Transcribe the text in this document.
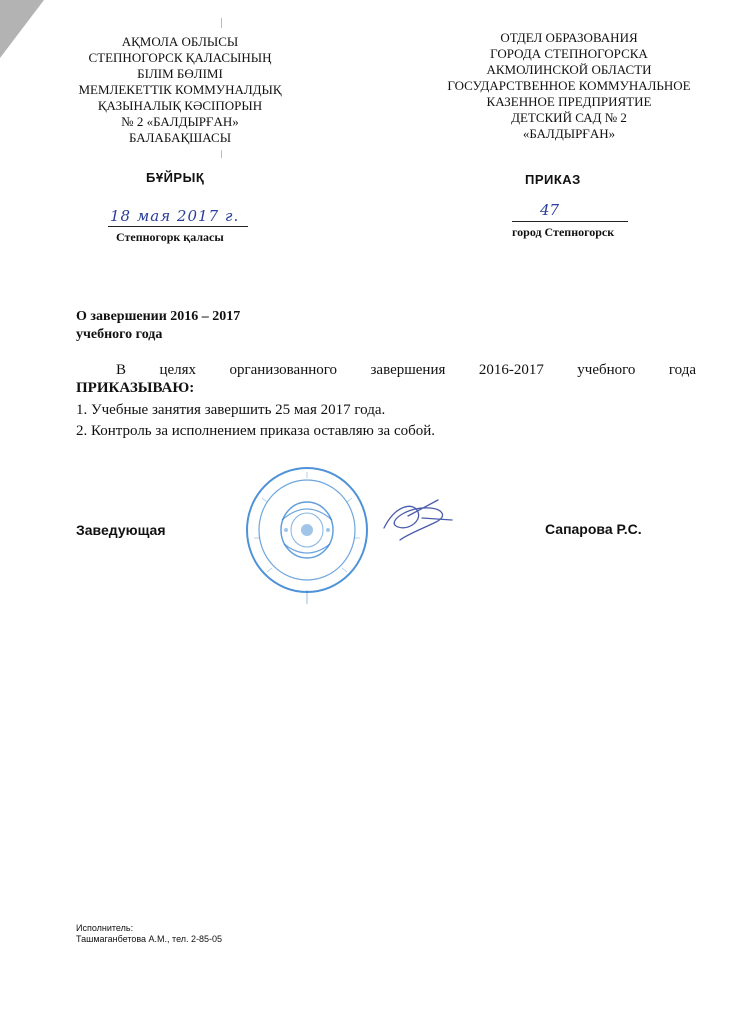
АҚМОЛА ОБЛЫСЫ
СТЕПНОГОРСК ҚАЛАСЫНЫҢ
БІЛІМ БӨЛІМІ
МЕМЛЕКЕТТІК КОММУНАЛДЫҚ
ҚАЗЫНАЛЫҚ КӘСІПОРЫН
№ 2 «БАЛДЫРҒАН»
БАЛАБАҚШАСЫ
ОТДЕЛ ОБРАЗОВАНИЯ
ГОРОДА СТЕПНОГОРСКА
АКМОЛИНСКОЙ ОБЛАСТИ
ГОСУДАРСТВЕННОЕ КОММУНАЛЬНОЕ
КАЗЕННОЕ ПРЕДПРИЯТИЕ
ДЕТСКИЙ САД № 2
«БАЛДЫРҒАН»
БҰЙРЫҚ	ПРИКАЗ
18 мая 2017 г.	47
Степногорк қаласы	город Степногорск
О завершении 2016 – 2017
учебного года
В целях организованного завершения 2016-2017 учебного года
ПРИКАЗЫВАЮ:
1. Учебные занятия завершить 25 мая 2017 года.
2. Контроль за исполнением приказа оставляю за собой.
Заведующая	Сапарова Р.С.
Исполнитель:
Ташмаганбетова А.М., тел. 2-85-05
